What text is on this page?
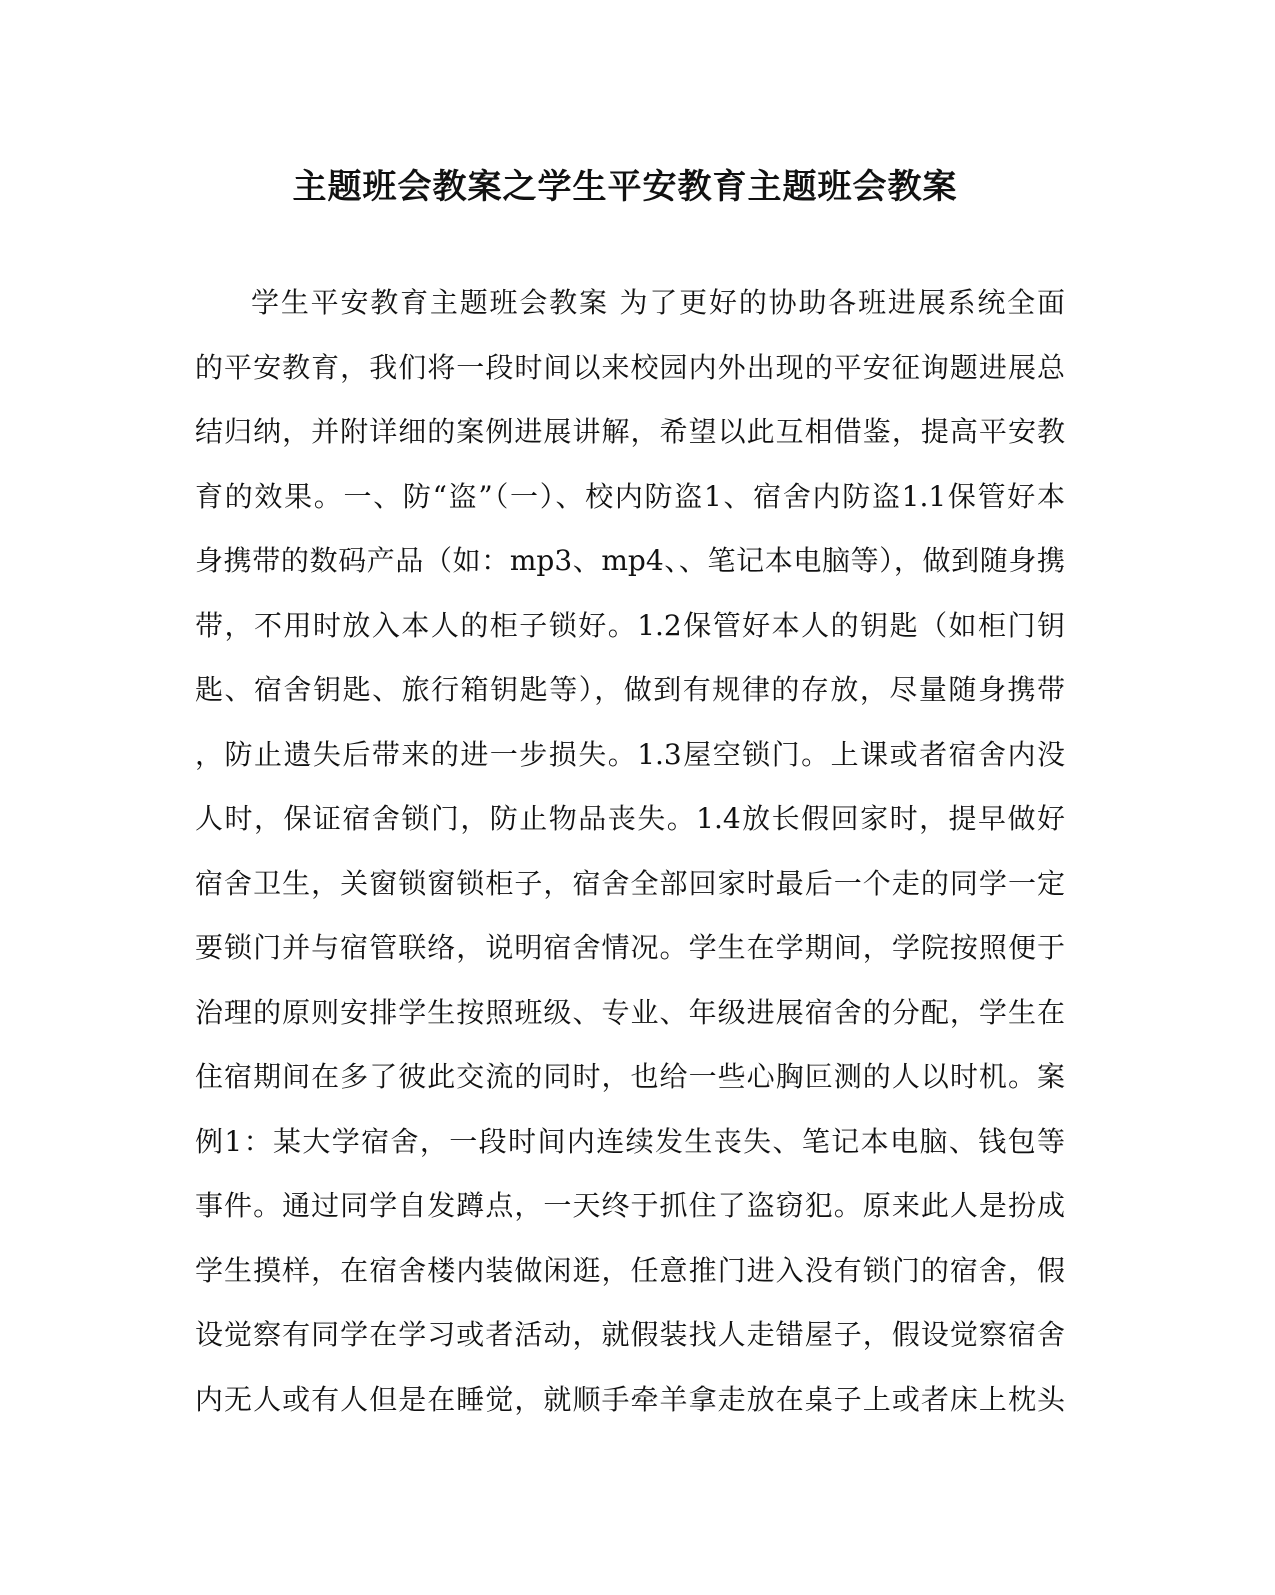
主题班会教案之学生平安教育主题班会教案
学生平安教育主题班会教案 为了更好的协助各班进展系统全面
的平安教育，我们将一段时间以来校园内外出现的平安征询题进展总
结归纳，并附详细的案例进展讲解，希望以此互相借鉴，提高平安教
育的效果。一、防“盗”（一）、校内防盗1、宿舍内防盗1.1保管好本
身携带的数码产品（如：mp3、mp4、、笔记本电脑等），做到随身携
带，不用时放入本人的柜子锁好。1.2保管好本人的钥匙（如柜门钥
匙、宿舍钥匙、旅行箱钥匙等），做到有规律的存放，尽量随身携带
，防止遗失后带来的进一步损失。1.3屋空锁门。上课或者宿舍内没
人时，保证宿舍锁门，防止物品丧失。1.4放长假回家时，提早做好
宿舍卫生，关窗锁窗锁柜子，宿舍全部回家时最后一个走的同学一定
要锁门并与宿管联络，说明宿舍情况。学生在学期间，学院按照便于
治理的原则安排学生按照班级、专业、年级进展宿舍的分配，学生在
住宿期间在多了彼此交流的同时，也给一些心胸叵测的人以时机。案
例1：某大学宿舍，一段时间内连续发生丧失、笔记本电脑、钱包等
事件。通过同学自发蹲点，一天终于抓住了盗窃犯。原来此人是扮成
学生摸样，在宿舍楼内装做闲逛，任意推门进入没有锁门的宿舍，假
设觉察有同学在学习或者活动，就假装找人走错屋子，假设觉察宿舍
内无人或有人但是在睡觉，就顺手牵羊拿走放在桌子上或者床上枕头
